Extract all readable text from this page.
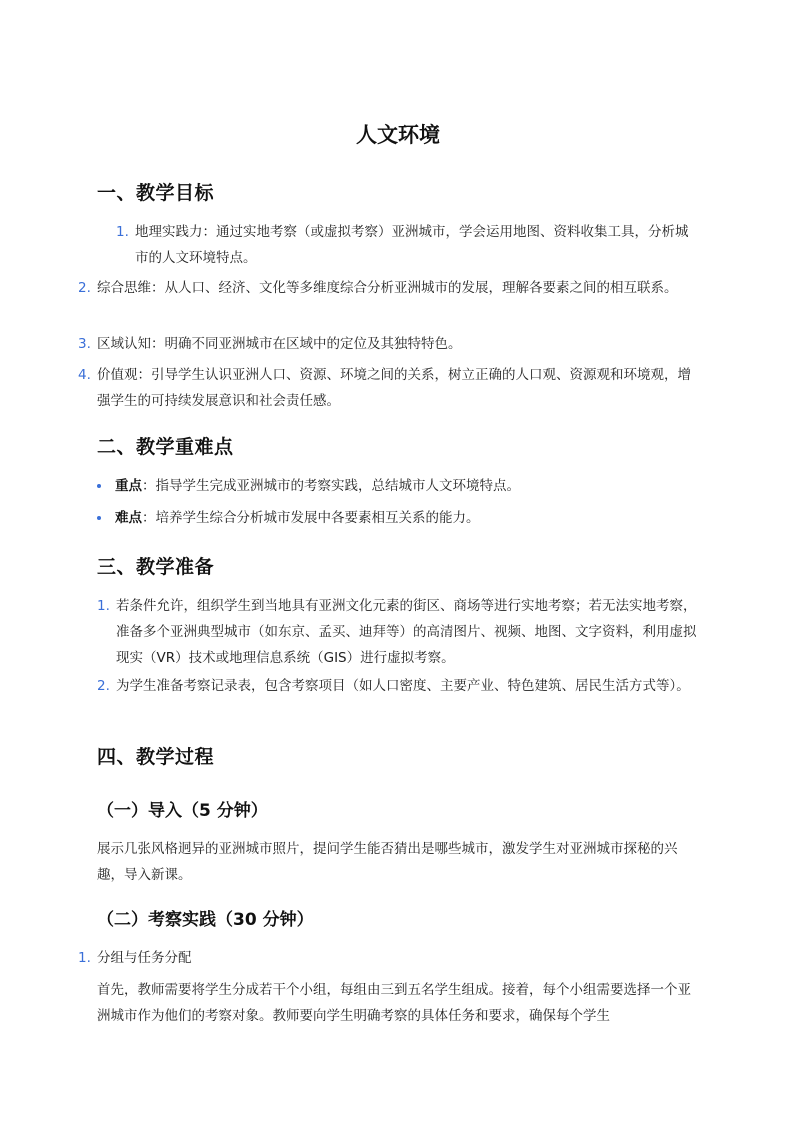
人文环境
一、教学目标
1. 地理实践力：通过实地考察（或虚拟考察）亚洲城市，学会运用地图、资料收集工具，分析城市的人文环境特点。
2. 综合思维：从人口、经济、文化等多维度综合分析亚洲城市的发展，理解各要素之间的相互联系。
3. 区域认知：明确不同亚洲城市在区域中的定位及其独特特色。
4. 价值观：引导学生认识亚洲人口、资源、环境之间的关系，树立正确的人口观、资源观和环境观，增强学生的可持续发展意识和社会责任感。
二、教学重难点
重点：指导学生完成亚洲城市的考察实践，总结城市人文环境特点。
难点：培养学生综合分析城市发展中各要素相互关系的能力。
三、教学准备
1. 若条件允许，组织学生到当地具有亚洲文化元素的街区、商场等进行实地考察；若无法实地考察，准备多个亚洲典型城市（如东京、孟买、迪拜等）的高清图片、视频、地图、文字资料，利用虚拟现实（VR）技术或地理信息系统（GIS）进行虚拟考察。
2. 为学生准备考察记录表，包含考察项目（如人口密度、主要产业、特色建筑、居民生活方式等）。
四、教学过程
（一）导入（5 分钟）
展示几张风格迥异的亚洲城市照片，提问学生能否猜出是哪些城市，激发学生对亚洲城市探秘的兴趣，导入新课。
（二）考察实践（30 分钟）
1. 分组与任务分配
首先，教师需要将学生分成若干个小组，每组由三到五名学生组成。接着，每个小组需要选择一个亚洲城市作为他们的考察对象。教师要向学生明确考察的具体任务和要求，确保每个学生
